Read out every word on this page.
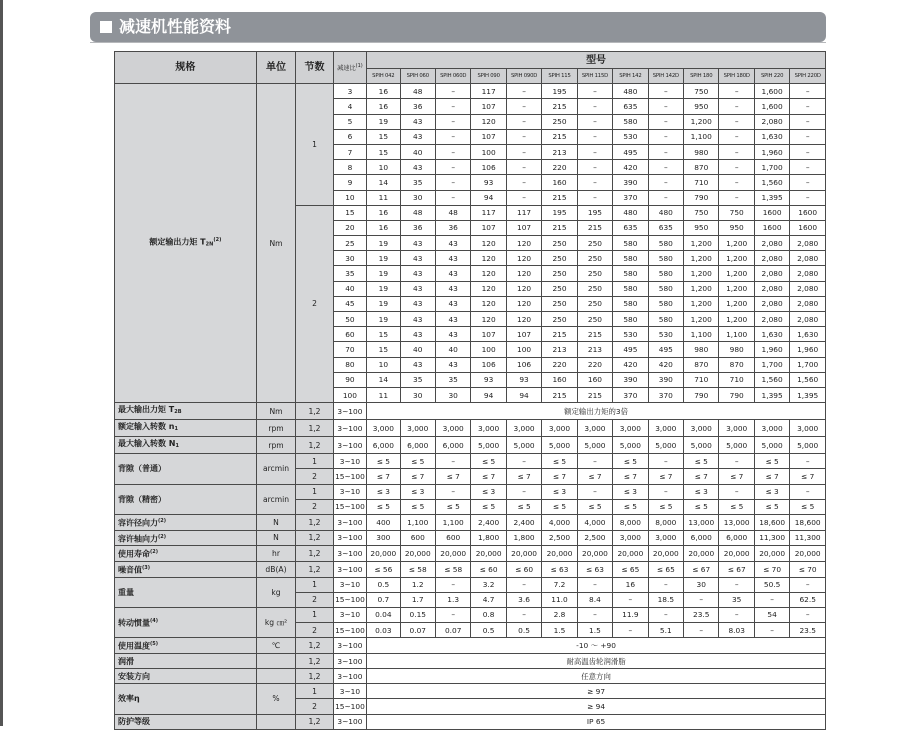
减速机性能资料
规格	单位	节数	减速比$^{(1)}$	型号												
				SPIH 042	SPIH 060	SPIH 060D	SPIH 090	SPIH 090D	SPIH 115	SPIH 115D	SPIH 142	SPIH 142D	SPIH 180	SPIH 180D	SPIH 220	SPIH 220D
额定输出力矩 $T_{2N}^{(2)}$	Nm	1	3	16	48	–	117	–	195	–	480	–	750	–	1,600	–
			4	16	36	–	107	–	215	–	635	–	950	–	1,600	–
			5	19	43	–	120	–	250	–	580	–	1,200	–	2,080	–
			6	15	43	–	107	–	215	–	530	–	1,100	–	1,630	–
			7	15	40	–	100	–	213	–	495	–	980	–	1,960	–
			8	10	43	–	106	–	220	–	420	–	870	–	1,700	–
			9	14	35	–	93	–	160	–	390	–	710	–	1,560	–
			10	11	30	–	94	–	215	–	370	–	790	–	1,395	–
		2	15	16	48	48	117	117	195	195	480	480	750	750	1600	1600
			20	16	36	36	107	107	215	215	635	635	950	950	1600	1600
			25	19	43	43	120	120	250	250	580	580	1,200	1,200	2,080	2,080
			30	19	43	43	120	120	250	250	580	580	1,200	1,200	2,080	2,080
			35	19	43	43	120	120	250	250	580	580	1,200	1,200	2,080	2,080
			40	19	43	43	120	120	250	250	580	580	1,200	1,200	2,080	2,080
			45	19	43	43	120	120	250	250	580	580	1,200	1,200	2,080	2,080
			50	19	43	43	120	120	250	250	580	580	1,200	1,200	2,080	2,080
			60	15	43	43	107	107	215	215	530	530	1,100	1,100	1,630	1,630
			70	15	40	40	100	100	213	213	495	495	980	980	1,960	1,960
			80	10	43	43	106	106	220	220	420	420	870	870	1,700	1,700
			90	14	35	35	93	93	160	160	390	390	710	710	1,560	1,560
			100	11	30	30	94	94	215	215	370	370	790	790	1,395	1,395
最大输出力矩 $T_{2B}$	Nm	1,2	3~100	额定输出力矩的3倍												
额定输入转数 $n_1$	rpm	1,2	3~100	3,000	3,000	3,000	3,000	3,000	3,000	3,000	3,000	3,000	3,000	3,000	3,000	3,000
最大输入转数 $N_1$	rpm	1,2	3~100	6,000	6,000	6,000	5,000	5,000	5,000	5,000	5,000	5,000	5,000	5,000	5,000	5,000
背隙（普通）	arcmin	1	3~10	≤ 5	≤ 5	–	≤ 5	–	≤ 5	–	≤ 5	–	≤ 5	–	≤ 5	–
		2	15~100	≤ 7	≤ 7	≤ 7	≤ 7	≤ 7	≤ 7	≤ 7	≤ 7	≤ 7	≤ 7	≤ 7	≤ 7	≤ 7
背隙（精密）	arcmin	1	3~10	≤ 3	≤ 3	–	≤ 3	–	≤ 3	–	≤ 3	–	≤ 3	–	≤ 3	–
		2	15~100	≤ 5	≤ 5	≤ 5	≤ 5	≤ 5	≤ 5	≤ 5	≤ 5	≤ 5	≤ 5	≤ 5	≤ 5	≤ 5
容许径向力$^{(2)}$	N	1,2	3~100	400	1,100	1,100	2,400	2,400	4,000	4,000	8,000	8,000	13,000	13,000	18,600	18,600
容许轴向力$^{(2)}$	N	1,2	3~100	300	600	600	1,800	1,800	2,500	2,500	3,000	3,000	6,000	6,000	11,300	11,300
使用寿命$^{(2)}$	hr	1,2	3~100	20,000	20,000	20,000	20,000	20,000	20,000	20,000	20,000	20,000	20,000	20,000	20,000	20,000
噪音值$^{(3)}$	dB(A)	1,2	3~100	≤ 56	≤ 58	≤ 58	≤ 60	≤ 60	≤ 63	≤ 63	≤ 65	≤ 65	≤ 67	≤ 67	≤ 70	≤ 70
重量	kg	1	3~10	0.5	1.2	–	3.2	–	7.2	–	16	–	30	–	50.5	–
		2	15~100	0.7	1.7	1.3	4.7	3.6	11.0	8.4	–	18.5	–	35	–	62.5
转动惯量$^{(4)}$	kg ㎝²	1	3~10	0.04	0.15	–	0.8	–	2.8	–	11.9	–	23.5	–	54	–
		2	15~100	0.03	0.07	0.07	0.5	0.5	1.5	1.5	–	5.1	–	8.03	–	23.5
使用温度$^{(5)}$	℃	1,2	3~100	-10 ～ +90												
润滑		1,2	3~100	耐高温齿轮润滑脂												
安装方向		1,2	3~100	任意方向												
效率η	%	1	3~10	≥ 97												
		2	15~100	≥ 94												
防护等级		1,2	3~100	IP 65												
